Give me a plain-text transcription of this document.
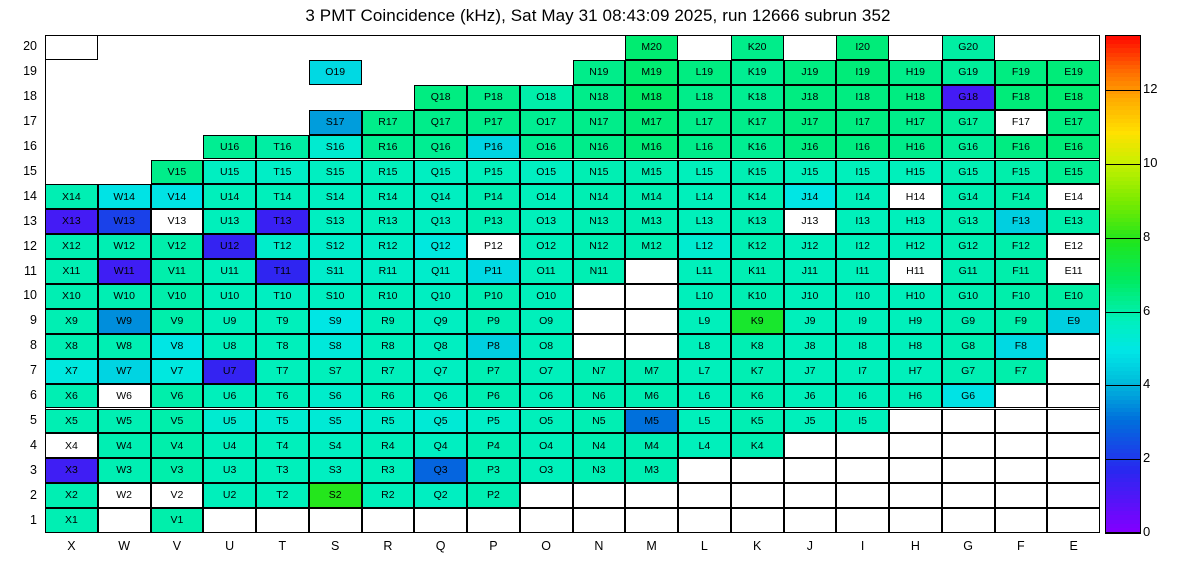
3 PMT Coincidence (kHz), Sat May 31 08:43:09 2025, run 12666 subrun 352
M20	K20	I20	G20
O19	N19	M19	L19	K19	J19	I19	H19	G19	F19	E19
Q18	P18	O18	N18	M18	L18	K18	J18	I18	H18	G18	F18	E18
S17	R17	Q17	P17	O17	N17	M17	L17	K17	J17	I17	H17	G17	F17	E17
U16	T16	S16	R16	Q16	P16	O16	N16	M16	L16	K16	J16	I16	H16	G16	F16	E16
V15	U15	T15	S15	R15	Q15	P15	O15	N15	M15	L15	K15	J15	I15	H15	G15	F15	E15
X14	W14	V14	U14	T14	S14	R14	Q14	P14	O14	N14	M14	L14	K14	J14	I14	H14	G14	F14	E14
X13	W13	V13	U13	T13	S13	R13	Q13	P13	O13	N13	M13	L13	K13	J13	I13	H13	G13	F13	E13
X12	W12	V12	U12	T12	S12	R12	Q12	P12	O12	N12	M12	L12	K12	J12	I12	H12	G12	F12	E12
X11	W11	V11	U11	T11	S11	R11	Q11	P11	O11	N11	L11	K11	J11	I11	H11	G11	F11	E11
X10	W10	V10	U10	T10	S10	R10	Q10	P10	O10	L10	K10	J10	I10	H10	G10	F10	E10
X9	W9	V9	U9	T9	S9	R9	Q9	P9	O9	L9	K9	J9	I9	H9	G9	F9	E9
X8	W8	V8	U8	T8	S8	R8	Q8	P8	O8	L8	K8	J8	I8	H8	G8	F8
X7	W7	V7	U7	T7	S7	R7	Q7	P7	O7	N7	M7	L7	K7	J7	I7	H7	G7	F7
X6	W6	V6	U6	T6	S6	R6	Q6	P6	O6	N6	M6	L6	K6	J6	I6	H6	G6
X5	W5	V5	U5	T5	S5	R5	Q5	P5	O5	N5	M5	L5	K5	J5	I5
X4	W4	V4	U4	T4	S4	R4	Q4	P4	O4	N4	M4	L4	K4
X3	W3	V3	U3	T3	S3	R3	Q3	P3	O3	N3	M3
X2	W2	V2	U2	T2	S2	R2	Q2	P2
X1	V1
1
2
3
4
5
6
7
8
9
10
11
12
13
14
15
16
17
18
19
20
X	W	V	U	T	S	R	Q	P	O	N	M	L	K	J	I	H	G	F	E
0
2
4
6
8
10
12
